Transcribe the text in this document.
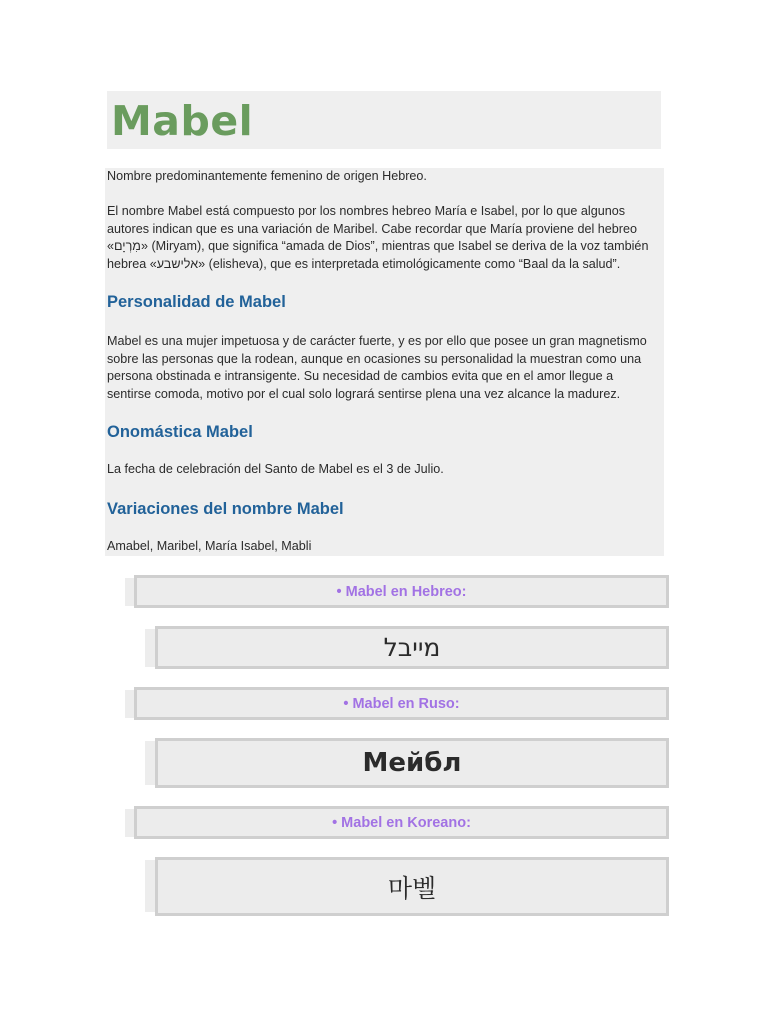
Mabel

Nombre predominantemente femenino de origen Hebreo.

El nombre Mabel está compuesto por los nombres hebreo María e Isabel, por lo que algunos autores indican que es una variación de Maribel. Cabe recordar que María proviene del hebreo «מִרְיָם» (Miryam), que significa “amada de Dios”, mientras que Isabel se deriva de la voz también hebrea «אלישבע» (elisheva), que es interpretada etimológicamente como “Baal da la salud”.

Personalidad de Mabel

Mabel es una mujer impetuosa y de carácter fuerte, y es por ello que posee un gran magnetismo sobre las personas que la rodean, aunque en ocasiones su personalidad la muestran como una persona obstinada e intransigente. Su necesidad de cambios evita que en el amor llegue a sentirse comoda, motivo por el cual solo logrará sentirse plena una vez alcance la madurez.

Onomástica Mabel

La fecha de celebración del Santo de Mabel es el 3 de Julio.

Variaciones del nombre Mabel

Amabel, Maribel, María Isabel, Mabli

• Mabel en Hebreo:
מייבל
• Mabel en Ruso:
Мейбл
• Mabel en Koreano:
마벨
